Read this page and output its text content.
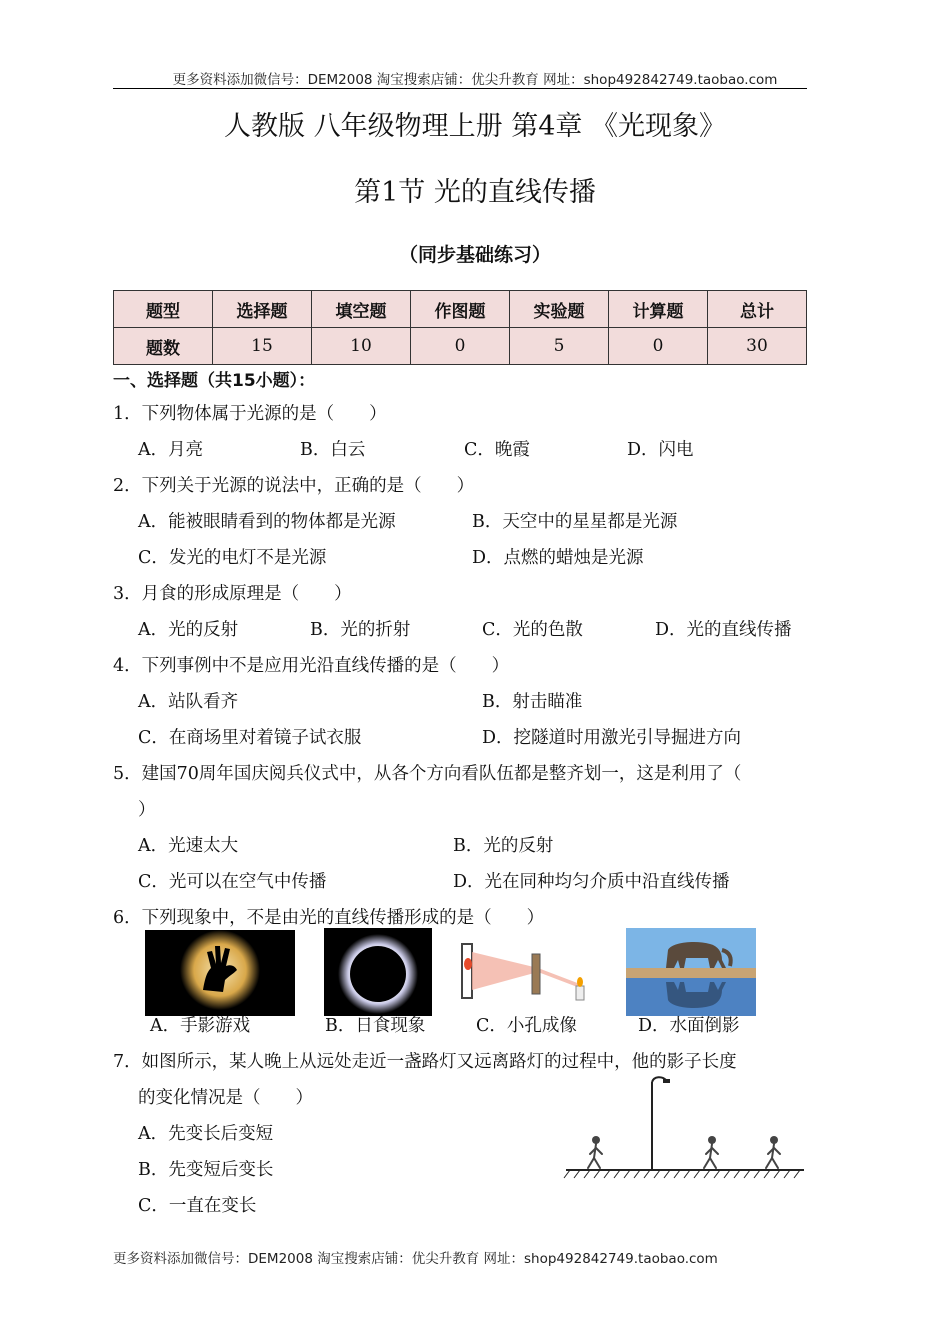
更多资料添加微信号：DEM2008 淘宝搜索店铺：优尖升教育 网址：shop492842749.taobao.com
人教版 八年级物理上册 第4章 《光现象》
第1节 光的直线传播
（同步基础练习）
题型	选择题	填空题	作图题	实验题	计算题	总计
题数	15	10	0	5	0	30
一、选择题（共15小题）：
1．下列物体属于光源的是（　　）
A．月亮	B．白云	C．晚霞	D．闪电
2．下列关于光源的说法中，正确的是（　　）
A．能被眼睛看到的物体都是光源	B．天空中的星星都是光源
C．发光的电灯不是光源	D．点燃的蜡烛是光源
3．月食的形成原理是（　　）
A．光的反射	B．光的折射	C．光的色散	D．光的直线传播
4．下列事例中不是应用光沿直线传播的是（　　）
A．站队看齐	B．射击瞄准
C．在商场里对着镜子试衣服	D．挖隧道时用激光引导掘进方向
5．建国70周年国庆阅兵仪式中，从各个方向看队伍都是整齐划一，这是利用了（
）
A．光速太大	B．光的反射
C．光可以在空气中传播	D．光在同种均匀介质中沿直线传播
6．下列现象中，不是由光的直线传播形成的是（　　）
A．手影游戏	B．日食现象	C．小孔成像	D．水面倒影
7．如图所示，某人晚上从远处走近一盏路灯又远离路灯的过程中，他的影子长度
的变化情况是（　　）
A．先变长后变短
B．先变短后变长
C．一直在变长
更多资料添加微信号：DEM2008 淘宝搜索店铺：优尖升教育 网址：shop492842749.taobao.com
